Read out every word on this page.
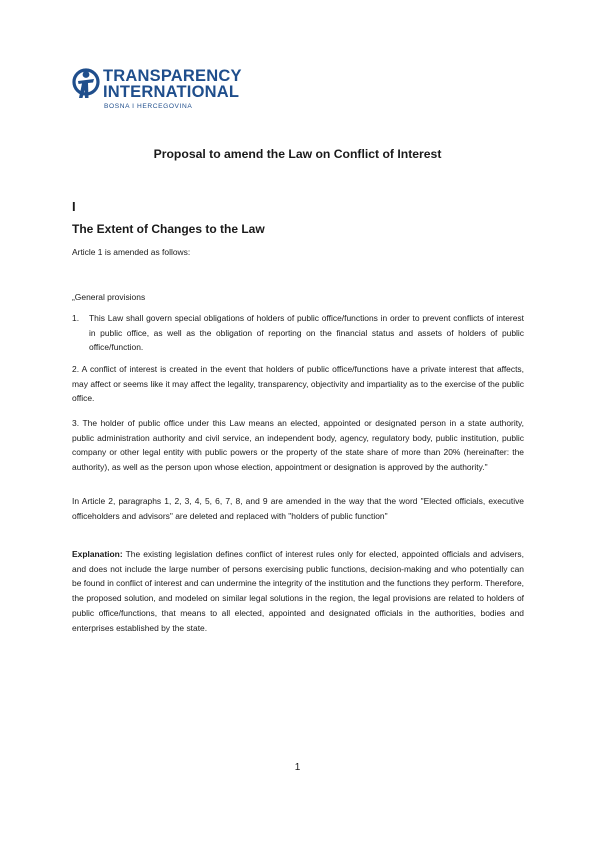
TRANSPARENCY
INTERNATIONAL
BOSNA I HERCEGOVINA
Proposal to amend the Law on Conflict of Interest
I
The Extent of Changes to the Law

Article 1 is amended as follows:

„General provisions

1. This Law shall govern special obligations of holders of public office/functions in order to prevent conflicts of interest in public office, as well as the obligation of reporting on the financial status and assets of holders of public office/function.

2. A conflict of interest is created in the event that holders of public office/functions have a private interest that affects, may affect or seems like it may affect the legality, transparency, objectivity and impartiality as to the exercise of the public office.

3. The holder of public office under this Law means an elected, appointed or designated person in a state authority, public administration authority and civil service, an independent body, agency, regulatory body, public institution, public company or other legal entity with public powers or the property of the state share of more than 20% (hereinafter: the authority), as well as the person upon whose election, appointment or designation is approved by the authority."

In Article 2, paragraphs 1, 2, 3, 4, 5, 6, 7, 8, and 9 are amended in the way that the word "Elected officials, executive officeholders and advisors" are deleted and replaced with "holders of public function"

Explanation: The existing legislation defines conflict of interest rules only for elected, appointed officials and advisers, and does not include the large number of persons exercising public functions, decision-making and who potentially can be found in conflict of interest and can undermine the integrity of the institution and the functions they perform. Therefore, the proposed solution, and modeled on similar legal solutions in the region, the legal provisions are related to holders of public office/functions, that means to all elected, appointed and designated officials in the authorities, bodies and enterprises established by the state.

1
